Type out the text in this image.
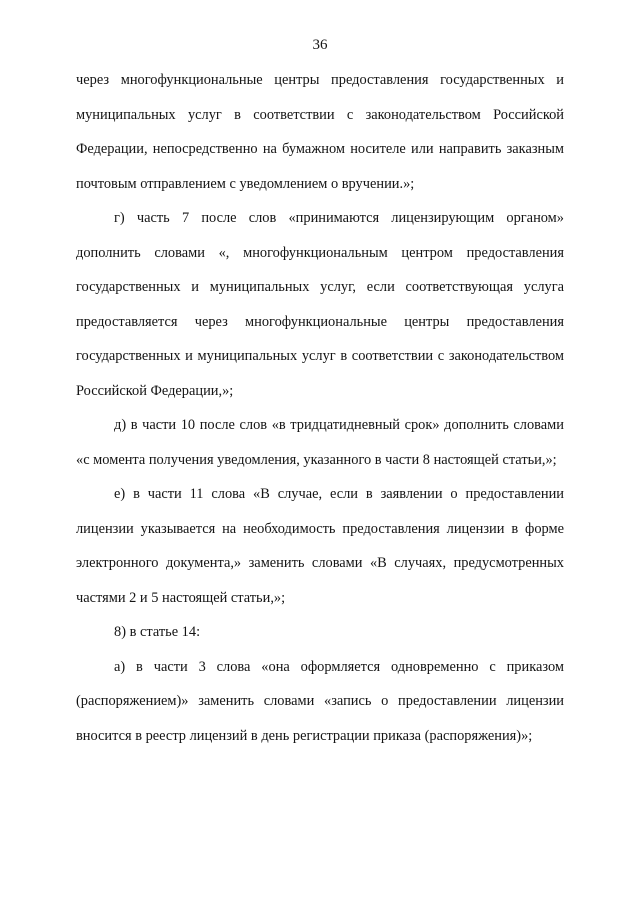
36

через многофункциональные центры предоставления государственных и муниципальных услуг в соответствии с законодательством Российской Федерации, непосредственно на бумажном носителе или направить заказным почтовым отправлением с уведомлением о вручении.»;

г) часть 7 после слов «принимаются лицензирующим органом» дополнить словами «, многофункциональным центром предоставления государственных и муниципальных услуг, если соответствующая услуга предоставляется через многофункциональные центры предоставления государственных и муниципальных услуг в соответствии с законодательством Российской Федерации,»;

д) в части 10 после слов «в тридцатидневный срок» дополнить словами «с момента получения уведомления, указанного в части 8 настоящей статьи,»;

е) в части 11 слова «В случае, если в заявлении о предоставлении лицензии указывается на необходимость предоставления лицензии в форме электронного документа,» заменить словами «В случаях, предусмотренных частями 2 и 5 настоящей статьи,»;

8) в статье 14:

а) в части 3 слова «она оформляется одновременно с приказом (распоряжением)» заменить словами «запись о предоставлении лицензии вносится в реестр лицензий в день регистрации приказа (распоряжения)»;
